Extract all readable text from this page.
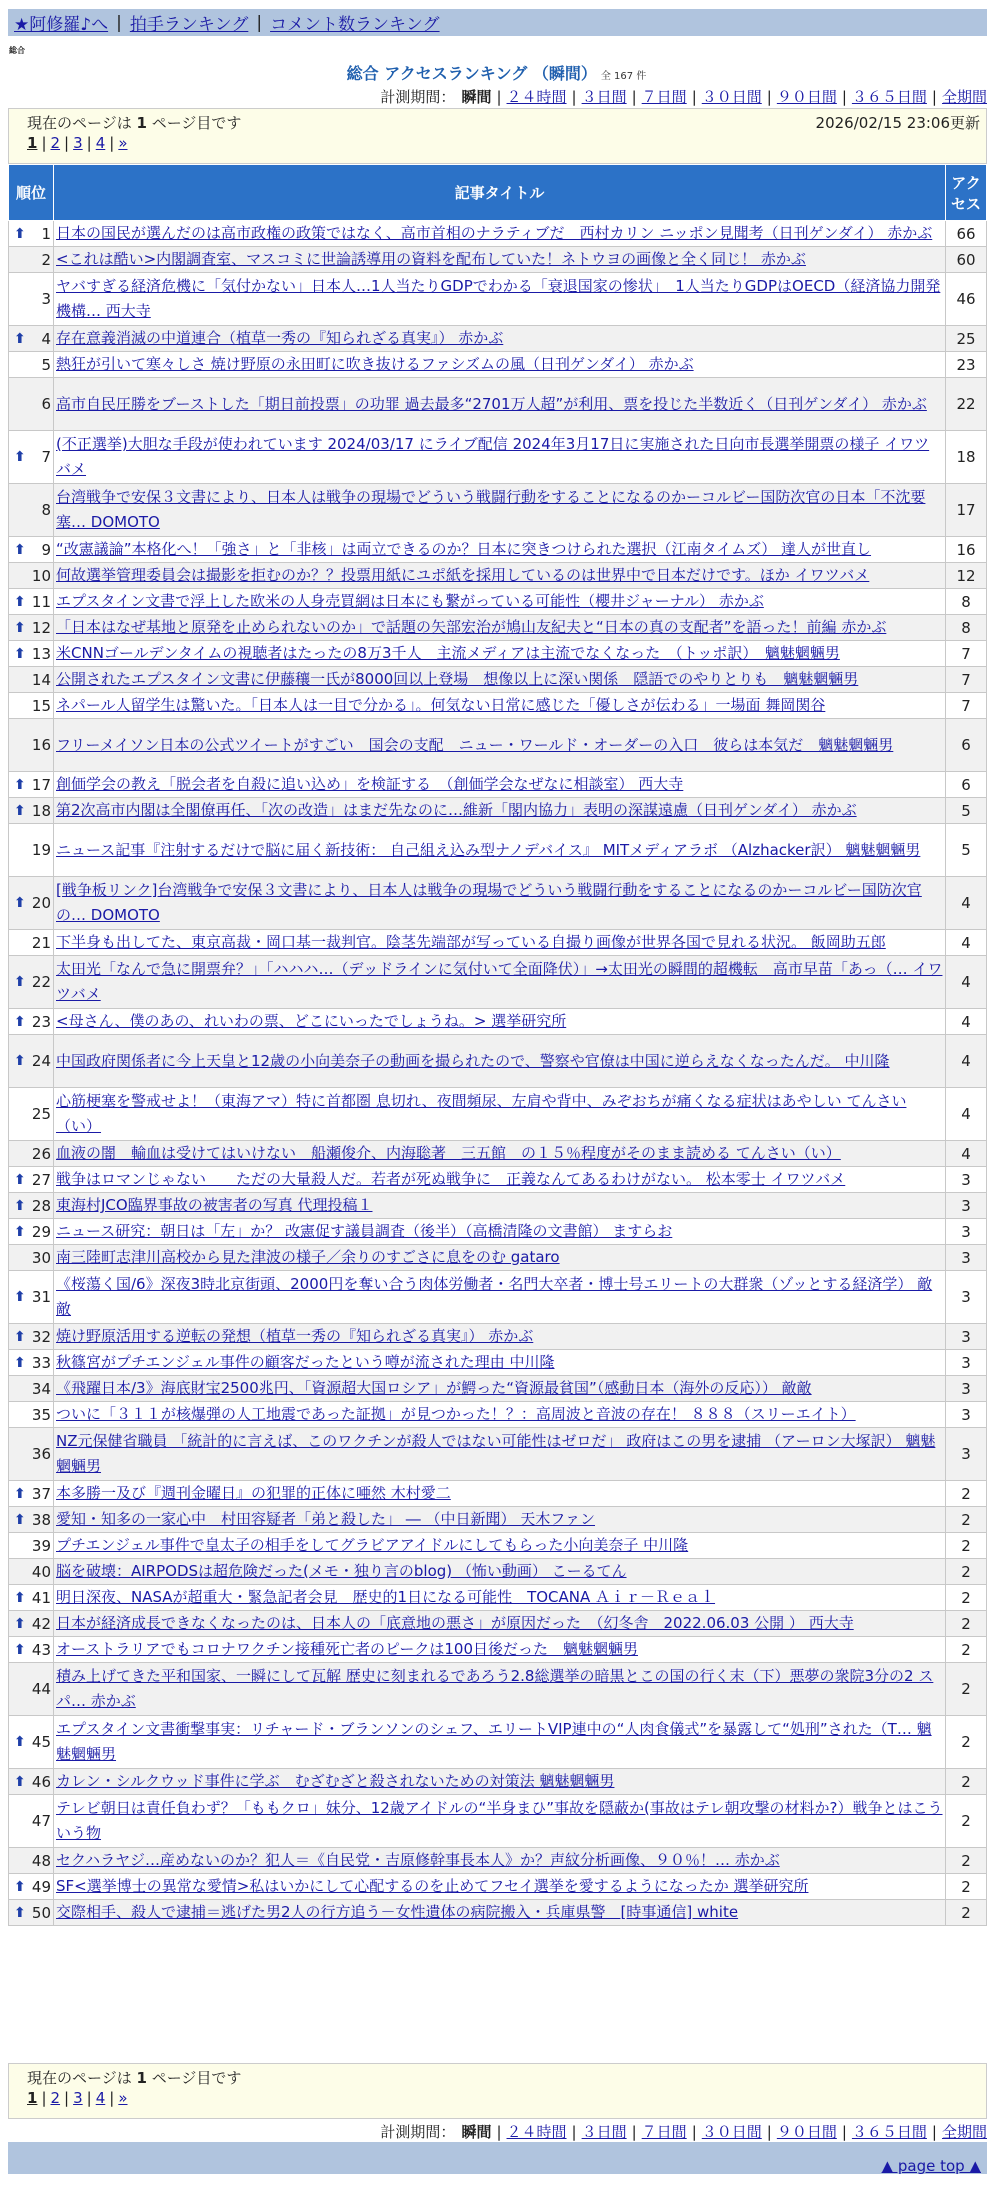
★阿修羅♪へ | 拍手ランキング | コメント数ランキング
総合
総合 アクセスランキング （瞬間） 全 167 件
計測期間： 瞬間 | ２４時間 | ３日間 | ７日間 | ３０日間 | ９０日間 | ３６５日間 | 全期間
現在のページは 1 ページ目です	2026/02/15 23:06更新
1 | 2 | 3 | 4 | »
順位	記事タイトル	アクセス

⬆ 1	日本の国民が選んだのは高市政権の政策ではなく、高市首相のナラティブだ　西村カリン ニッポン見聞考（日刊ゲンダイ） 赤かぶ	66
2	<これは酷い>内閣調査室、マスコミに世論誘導用の資料を配布していた！ネトウヨの画像と全く同じ！ 赤かぶ	60
3	ヤバすぎる経済危機に「気付かない」日本人…1人当たりGDPでわかる「衰退国家の惨状」　1人当たりGDPはOECD（経済協力開発機構… 西大寺	46

⬆ 4	存在意義消滅の中道連合（植草一秀の『知られざる真実』） 赤かぶ	25
5	熱狂が引いて寒々しさ 焼け野原の永田町に吹き抜けるファシズムの風（日刊ゲンダイ） 赤かぶ	23
6	高市自民圧勝をブーストした「期日前投票」の功罪 過去最多“2701万人超”が利用、票を投じた半数近く（日刊ゲンダイ） 赤かぶ	22

⬆ 7	(不正選挙)大胆な手段が使われています 2024/03/17 にライブ配信 2024年3月17日に実施された日向市長選挙開票の様子 イワツバメ	18
8	台湾戦争で安保３文書により、日本人は戦争の現場でどういう戦闘行動をすることになるのかーコルビー国防次官の日本「不沈要塞… DOMOTO	17

⬆ 9	“改憲議論”本格化へ！「強さ」と「非核」は両立できるのか？日本に突きつけられた選択（江南タイムズ） 達人が世直し	16
10	何故選挙管理委員会は撮影を拒むのか？？投票用紙にユポ紙を採用しているのは世界中で日本だけです。ほか イワツバメ	12

⬆ 11	エプスタイン文書で浮上した欧米の人身売買網は日本にも繋がっている可能性（櫻井ジャーナル） 赤かぶ	8

⬆ 12	「日本はなぜ基地と原発を止められないのか」で話題の矢部宏治が鳩山友紀夫と“日本の真の支配者”を語った！前編 赤かぶ	8

⬆ 13	米CNNゴールデンタイムの視聴者はたったの8万3千人　主流メディアは主流でなくなった　（トッポ訳）　魑魅魍魎男	7
14	公開されたエプスタイン文書に伊藤穰一氏が8000回以上登場　想像以上に深い関係　隠語でのやりとりも　魑魅魍魎男	7
15	ネパール人留学生は驚いた。「日本人は一目で分かる」。何気ない日常に感じた「優しさが伝わる」一場面 舞岡関谷	7
16	フリーメイソン日本の公式ツイートがすごい　国会の支配　ニュー・ワールド・オーダーの入口　彼らは本気だ　魑魅魍魎男	6

⬆ 17	創価学会の教え「脱会者を自殺に追い込め」を検証する　（創価学会なぜなに相談室） 西大寺	6

⬆ 18	第2次高市内閣は全閣僚再任、「次の改造」はまだ先なのに…維新「閣内協力」表明の深謀遠慮（日刊ゲンダイ） 赤かぶ	5
19	ニュース記事『注射するだけで脳に届く新技術： 自己組え込み型ナノデバイス』 MITメディアラボ （Alzhacker訳） 魑魅魍魎男	5

⬆ 20	[戦争板リンク]台湾戦争で安保３文書により、日本人は戦争の現場でどういう戦闘行動をすることになるのかーコルビー国防次官の… DOMOTO	4
21	下半身も出してた、東京高裁・岡口基一裁判官。陰茎先端部が写っている自撮り画像が世界各国で見れる状況。 飯岡助五郎	4

⬆ 22	太田光「なんで急に開票弁？」「ハハハ…（デッドラインに気付いて全面降伏）」→太田光の瞬間的超機転　高市早苗「あっ（… イワツバメ	4

⬆ 23	<母さん、僕のあの、れいわの票、どこにいったでしょうね。> 選挙研究所	4

⬆ 24	中国政府関係者に今上天皇と12歳の小向美奈子の動画を撮られたので、警察や官僚は中国に逆らえなくなったんだ。 中川隆	4
25	心筋梗塞を警戒せよ！（東海アマ）特に首都圏 息切れ、夜間頻尿、左肩や背中、みぞおちが痛くなる症状はあやしい てんさい（い）	4
26	血液の闇　輸血は受けてはいけない　船瀬俊介、内海聡著　三五館　の１５％程度がそのまま読める てんさい（い）	4

⬆ 27	戦争はロマンじゃない　　ただの大量殺人だ。若者が死ぬ戦争に　正義なんてあるわけがない。 松本零士 イワツバメ	3

⬆ 28	東海村JCO臨界事故の被害者の写真 代理投稿１	3

⬆ 29	ニュース研究：朝日は「左」か？ 改憲促す議員調査（後半）（高橋清隆の文書館） ますらお	3
30	南三陸町志津川高校から見た津波の様子／余りのすごさに息をのむ gataro	3

⬆ 31	《桜蕩く国/6》深夜3時北京街頭、2000円を奪い合う肉体労働者・名門大卒者・博士号エリートの大群衆（ゾッとする経済学） 敵敵	3

⬆ 32	焼け野原活用する逆転の発想（植草一秀の『知られざる真実』） 赤かぶ	3

⬆ 33	秋篠宮がプチエンジェル事件の顧客だったという噂が流された理由 中川隆	3
34	《飛躍日本/3》海底財宝2500兆円、「資源超大国ロシア」が鰐った“資源最貧国”（感動日本（海外の反応）） 敵敵	3
35	ついに「３１１が核爆弾の人工地震であった証拠」が見つかった！？：高周波と音波の存在！ ８８８（スリーエイト）	3
36	NZ元保健省職員 「統計的に言えば、このワクチンが殺人ではない可能性はゼロだ」 政府はこの男を逮捕 （アーロン大塚訳） 魑魅魍魎男	3

⬆ 37	本多勝一及び『週刊金曜日』の犯罪的正体に唖然 木村愛二	2

⬆ 38	愛知・知多の一家心中　村田容疑者「弟と殺した」 ― （中日新聞） 天木ファン	2
39	プチエンジェル事件で皇太子の相手をしてグラビアアイドルにしてもらった小向美奈子 中川隆	2
40	脳を破壊：AIRPODSは超危険だった(メモ・独り言のblog) （怖い動画） こーるてん	2

⬆ 41	明日深夜、NASAが超重大・緊急記者会見　歴史的1日になる可能性　TOCANA Ａｉｒ－Ｒｅａｌ	2

⬆ 42	日本が経済成長できなくなったのは、日本人の「底意地の悪さ」が原因だった　（幻冬舎　2022.06.03 公開 ） 西大寺	2

⬆ 43	オーストラリアでもコロナワクチン接種死亡者のピークは100日後だった　魑魅魍魎男	2
44	積み上げてきた平和国家、一瞬にして瓦解 歴史に刻まれるであろう2.8総選挙の暗黒とこの国の行く末（下）悪夢の衆院3分の2 スパ… 赤かぶ	2

⬆ 45	エプスタイン文書衝撃事実：リチャード・ブランソンのシェフ、エリートVIP連中の“人肉食儀式”を暴露して“処刑”された（T… 魑魅魍魎男	2

⬆ 46	カレン・シルクウッド事件に学ぶ　むざむざと殺されないための対策法 魑魅魍魎男	2
47	テレビ朝日は責任負わず？「ももクロ」妹分、12歳アイドルの“半身まひ”事故を隠蔽か(事故はテレ朝攻撃の材料か?）戦争とはこういう物	2
48	セクハラヤジ…産めないのか？犯人＝《自民党・吉原修幹事長本人》か？声紋分析画像、９０％！… 赤かぶ	2

⬆ 49	SF<選挙博士の異常な愛情>私はいかにして心配するのを止めてフセイ選挙を愛するようになったか 選挙研究所	2

⬆ 50	交際相手、殺人で逮捕＝逃げた男2人の行方追う－女性遺体の病院搬入・兵庫県警　[時事通信] white	2
現在のページは 1 ページ目です
1 | 2 | 3 | 4 | »
計測期間： 瞬間 | ２４時間 | ３日間 | ７日間 | ３０日間 | ９０日間 | ３６５日間 | 全期間
▲ page top ▲
